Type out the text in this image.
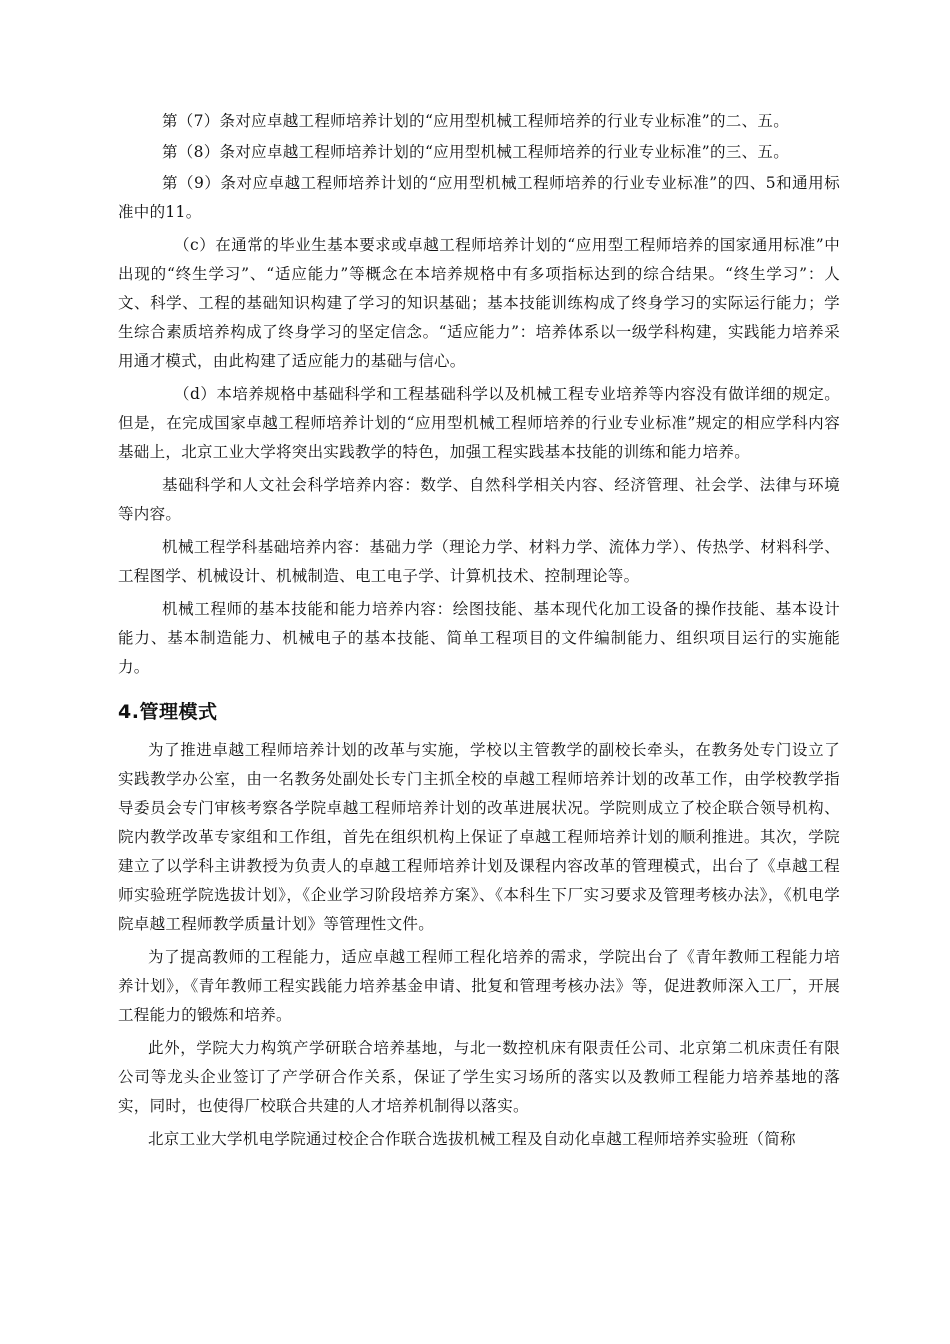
第（7）条对应卓越工程师培养计划的“应用型机械工程师培养的行业专业标准”的二、五。

第（8）条对应卓越工程师培养计划的“应用型机械工程师培养的行业专业标准”的三、五。

第（9）条对应卓越工程师培养计划的“应用型机械工程师培养的行业专业标准”的四、5和通用标准中的11。

（c）在通常的毕业生基本要求或卓越工程师培养计划的“应用型工程师培养的国家通用标准”中出现的“终生学习”、“适应能力”等概念在本培养规格中有多项指标达到的综合结果。“终生学习”：人文、科学、工程的基础知识构建了学习的知识基础；基本技能训练构成了终身学习的实际运行能力；学生综合素质培养构成了终身学习的坚定信念。“适应能力”：培养体系以一级学科构建，实践能力培养采用通才模式，由此构建了适应能力的基础与信心。

（d）本培养规格中基础科学和工程基础科学以及机械工程专业培养等内容没有做详细的规定。但是，在完成国家卓越工程师培养计划的“应用型机械工程师培养的行业专业标准”规定的相应学科内容基础上，北京工业大学将突出实践教学的特色，加强工程实践基本技能的训练和能力培养。

基础科学和人文社会科学培养内容：数学、自然科学相关内容、经济管理、社会学、法律与环境等内容。

机械工程学科基础培养内容：基础力学（理论力学、材料力学、流体力学）、传热学、材料科学、工程图学、机械设计、机械制造、电工电子学、计算机技术、控制理论等。

机械工程师的基本技能和能力培养内容：绘图技能、基本现代化加工设备的操作技能、基本设计能力、基本制造能力、机械电子的基本技能、简单工程项目的文件编制能力、组织项目运行的实施能力。

4.管理模式

为了推进卓越工程师培养计划的改革与实施，学校以主管教学的副校长牵头，在教务处专门设立了实践教学办公室，由一名教务处副处长专门主抓全校的卓越工程师培养计划的改革工作，由学校教学指导委员会专门审核考察各学院卓越工程师培养计划的改革进展状况。学院则成立了校企联合领导机构、院内教学改革专家组和工作组，首先在组织机构上保证了卓越工程师培养计划的顺利推进。其次，学院建立了以学科主讲教授为负责人的卓越工程师培养计划及课程内容改革的管理模式，出台了《卓越工程师实验班学院选拔计划》，《企业学习阶段培养方案》、《本科生下厂实习要求及管理考核办法》，《机电学院卓越工程师教学质量计划》等管理性文件。

为了提高教师的工程能力，适应卓越工程师工程化培养的需求，学院出台了《青年教师工程能力培养计划》，《青年教师工程实践能力培养基金申请、批复和管理考核办法》等，促进教师深入工厂，开展工程能力的锻炼和培养。

此外，学院大力构筑产学研联合培养基地，与北一数控机床有限责任公司、北京第二机床责任有限公司等龙头企业签订了产学研合作关系，保证了学生实习场所的落实以及教师工程能力培养基地的落实，同时，也使得厂校联合共建的人才培养机制得以落实。

北京工业大学机电学院通过校企合作联合选拔机械工程及自动化卓越工程师培养实验班（简称
